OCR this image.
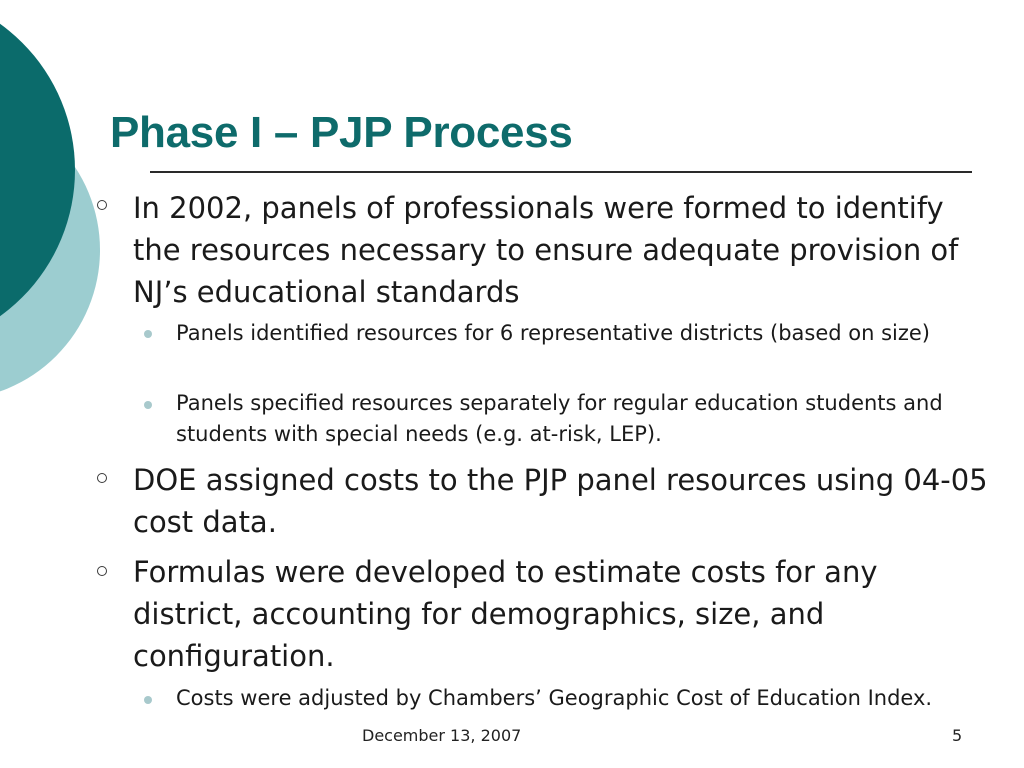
Phase I – PJP Process
In 2002, panels of professionals were formed to identify the resources necessary to ensure adequate provision of NJ’s educational standards
Panels identified resources for 6 representative districts (based on size)
Panels specified resources separately for regular education students and students with special needs (e.g. at-risk, LEP).
DOE assigned costs to the PJP panel resources using 04-05 cost data.
Formulas were developed to estimate costs for any district, accounting for demographics, size, and configuration.
Costs were adjusted by Chambers’ Geographic Cost of Education Index.
December 13, 2007	5
